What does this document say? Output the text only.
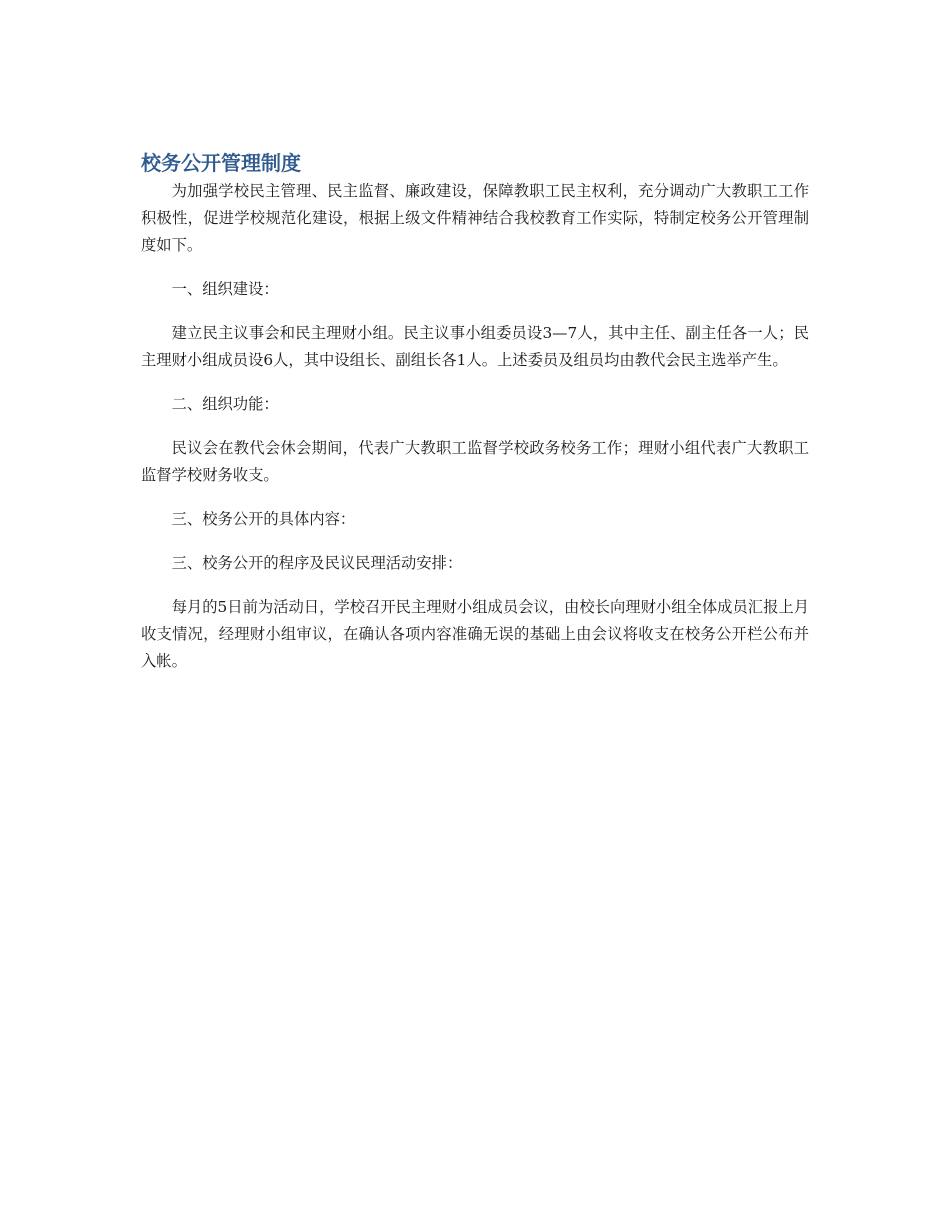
校务公开管理制度

为加强学校民主管理、民主监督、廉政建设，保障教职工民主权利，充分调动广大教职工工作积极性，促进学校规范化建设，根据上级文件精神结合我校教育工作实际，特制定校务公开管理制度如下。

一、组织建设：

建立民主议事会和民主理财小组。民主议事小组委员设3—7人，其中主任、副主任各一人；民主理财小组成员设6人，其中设组长、副组长各1人。上述委员及组员均由教代会民主选举产生。

二、组织功能：

民议会在教代会休会期间，代表广大教职工监督学校政务校务工作；理财小组代表广大教职工监督学校财务收支。

三、校务公开的具体内容：

三、校务公开的程序及民议民理活动安排：

每月的5日前为活动日，学校召开民主理财小组成员会议，由校长向理财小组全体成员汇报上月收支情况，经理财小组审议，在确认各项内容准确无误的基础上由会议将收支在校务公开栏公布并入帐。
